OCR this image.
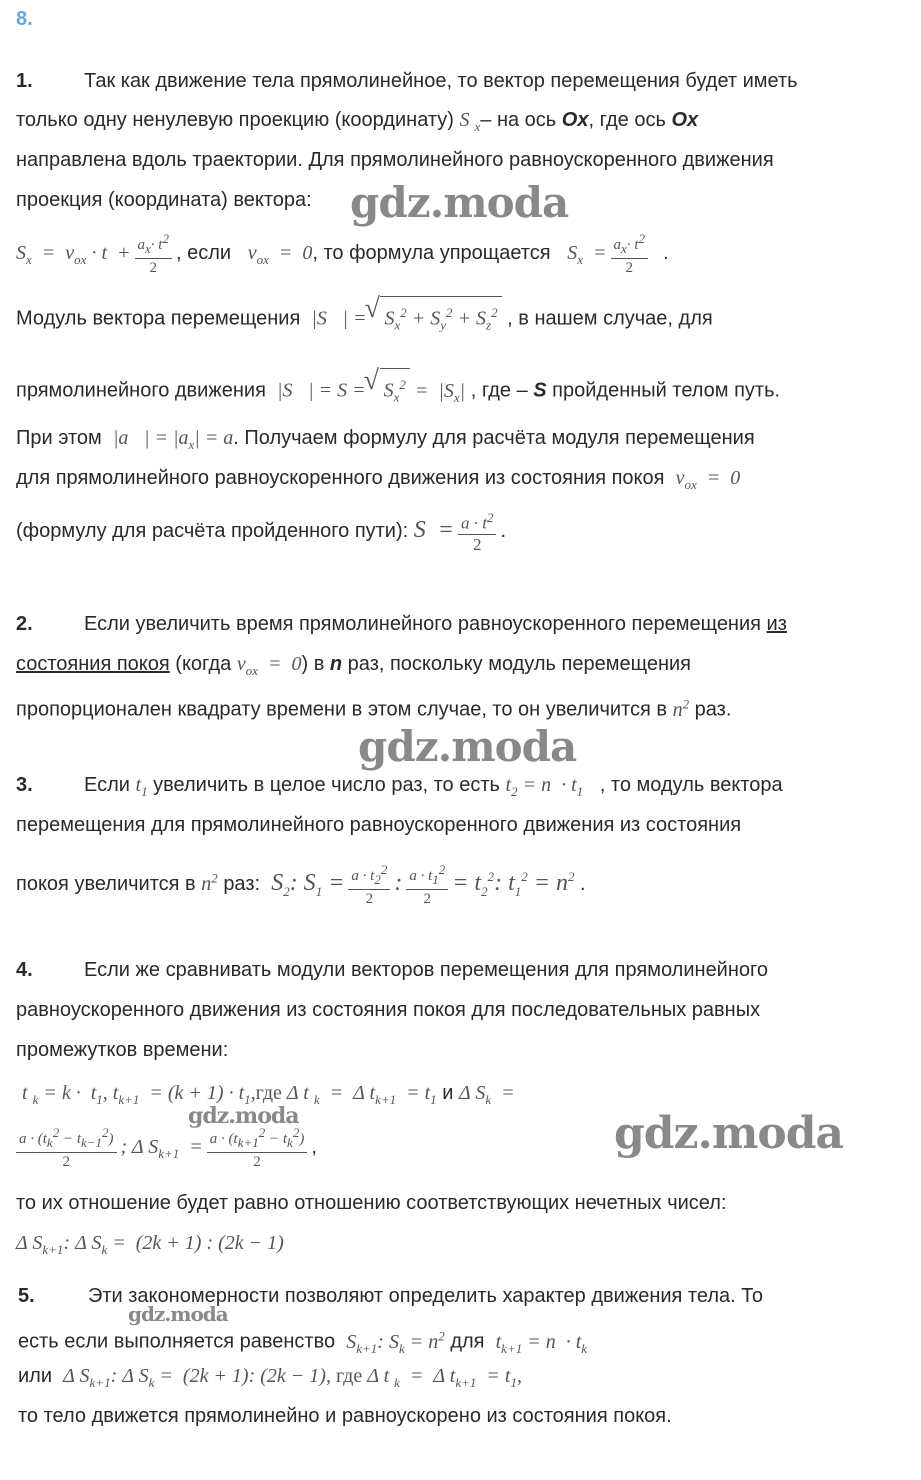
8.
1.	Так как движение тела прямолинейное, то вектор перемещения будет иметь
только одну ненулевую проекцию (координату) S $_x$– на ось Ox, где ось Ox
направлена вдоль траектории. Для прямолинейного равноускоренного движения
проекция (координата) вектора:
$S_x = v_{ox} \cdot t + \frac{a_x\cdot t^2}{2}$ , если $v_{ox} = 0$, то формула упрощается $S_x = \frac{a_x\cdot t^2}{2}$ .
Модуль вектора перемещения |S⃗| = √ $S_x^2 + S_y^2 + S_z^2$ , в нашем случае, для
прямолинейного движения |S⃗| = S = √ $S_x^2 = |S_x|$ , где – S пройденный телом путь.
При этом |a⃗| = $|a_x| = a$. Получаем формулу для расчёта модуля перемещения
для прямолинейного равноускоренного движения из состояния покоя $v_{ox} = 0$
(формулу для расчёта пройденного пути): $S = \frac{a \cdot t^2}{2}$ .
2.	Если увеличить время прямолинейного равноускоренного перемещения из
состояния покоя (когда $v_{ox} = 0$) в n раз, поскольку модуль перемещения
пропорционален квадрату времени в этом случае, то он увеличится в $n^2$ раз.
3.	Если $t_1$ увеличить в целое число раз, то есть $t_2 = n \cdot t_1$ , то модуль вектора
перемещения для прямолинейного равноускоренного движения из состояния
покоя увеличится в $n^2$ раз: $S_2$: $S_1 = \frac{a \cdot t_2^2}{2}$ : $\frac{a \cdot t_1^2}{2} = t_2^2$: $t_1^2 = n^2$ .
4.	Если же сравнивать модули векторов перемещения для прямолинейного
равноускоренного движения из состояния покоя для последовательных равных
промежутков времени:
t $_k = k \cdot t_1$, $t_{k+1} = (k + 1) \cdot t_1,где$ Δ t $_k$  =  Δ $t_{k+1} = t_1$ и Δ $S_k$  =
$\frac{a \cdot (t_k^2 - t_{k-1}^2)}{2}$ ; Δ $S_{k+1} = \frac{a \cdot (t_{k+1}^2 - t_k^2)}{2}$ ,
то их отношение будет равно отношению соответствующих нечетных чисел:
Δ $S_{k+1}$: Δ $S_k = (2k + 1)$ : (2k − 1)
5.	Эти закономерности позволяют определить характер движения тела. То
есть если выполняется равенство $S_{k+1}$: $S_k = n^2$ для $t_{k+1} = n \cdot t_k$
или Δ $S_{k+1}$: Δ $S_k = (2k + 1)$: (2k − 1), где Δ t $_k$  =  Δ $t_{k+1} = t_1$,
то тело движется прямолинейно и равноускорено из состояния покоя.
gdz.moda
gdz.moda
gdz.moda	gdz.moda
gdz.moda
